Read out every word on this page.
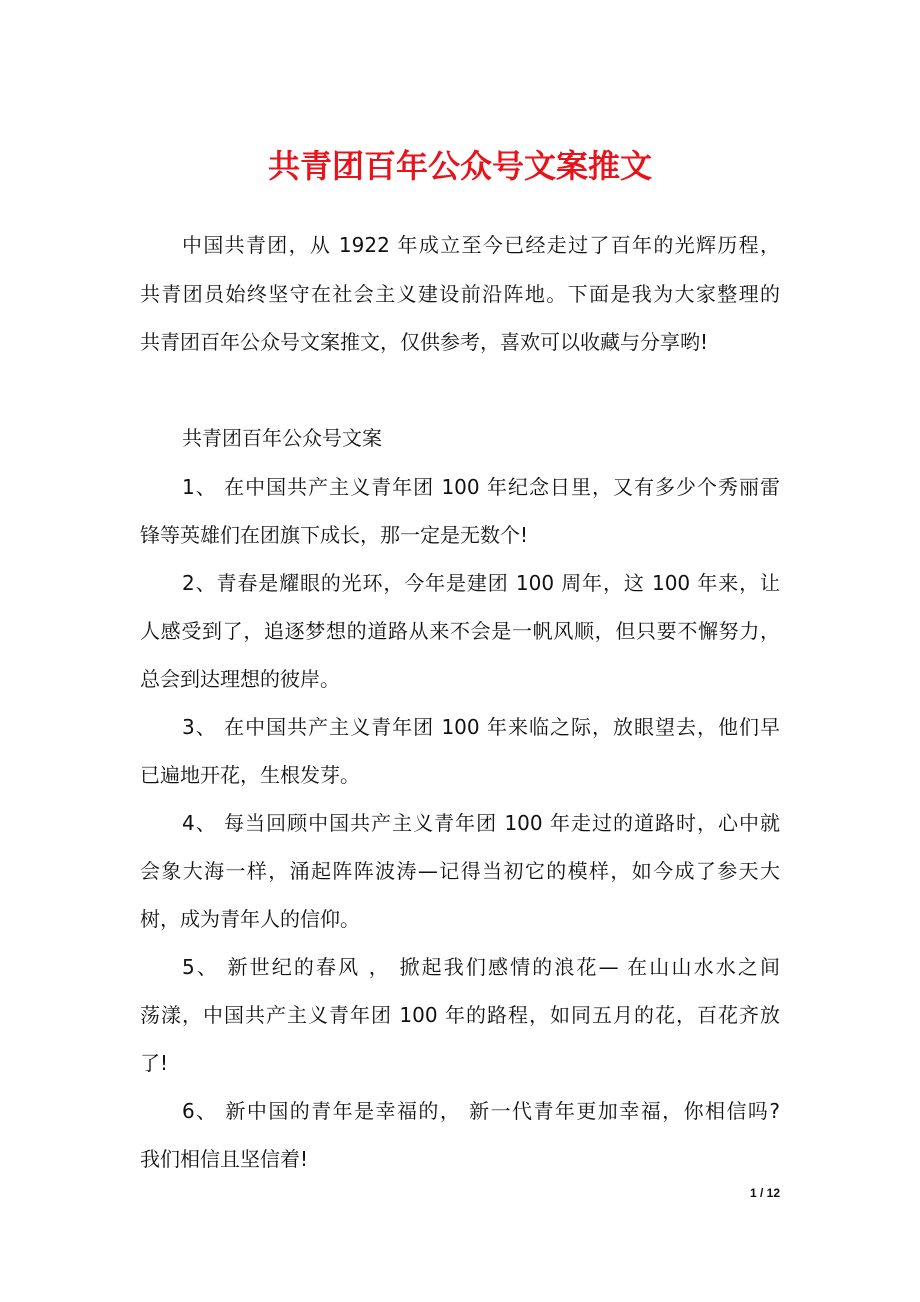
共青团百年公众号文案推文
中国共青团，从 1922 年成立至今已经走过了百年的光辉历程，
共青团员始终坚守在社会主义建设前沿阵地。下面是我为大家整理的
共青团百年公众号文案推文，仅供参考，喜欢可以收藏与分享哟!
共青团百年公众号文案
1、 在中国共产主义青年团 100 年纪念日里，又有多少个秀丽雷
锋等英雄们在团旗下成长，那一定是无数个!
2、青春是耀眼的光环，今年是建团 100 周年，这 100 年来，让
人感受到了，追逐梦想的道路从来不会是一帆风顺，但只要不懈努力，
总会到达理想的彼岸。
3、 在中国共产主义青年团 100 年来临之际，放眼望去，他们早
已遍地开花，生根发芽。
4、 每当回顾中国共产主义青年团 100 年走过的道路时，心中就
会象大海一样，涌起阵阵波涛—记得当初它的模样，如今成了参天大
树，成为青年人的信仰。
5、 新世纪的春风 ， 掀起我们感情的浪花— 在山山水水之间
荡漾，中国共产主义青年团 100 年的路程，如同五月的花，百花齐放
了!
6、 新中国的青年是幸福的， 新一代青年更加幸福，你相信吗?
我们相信且坚信着!
1 / 12
